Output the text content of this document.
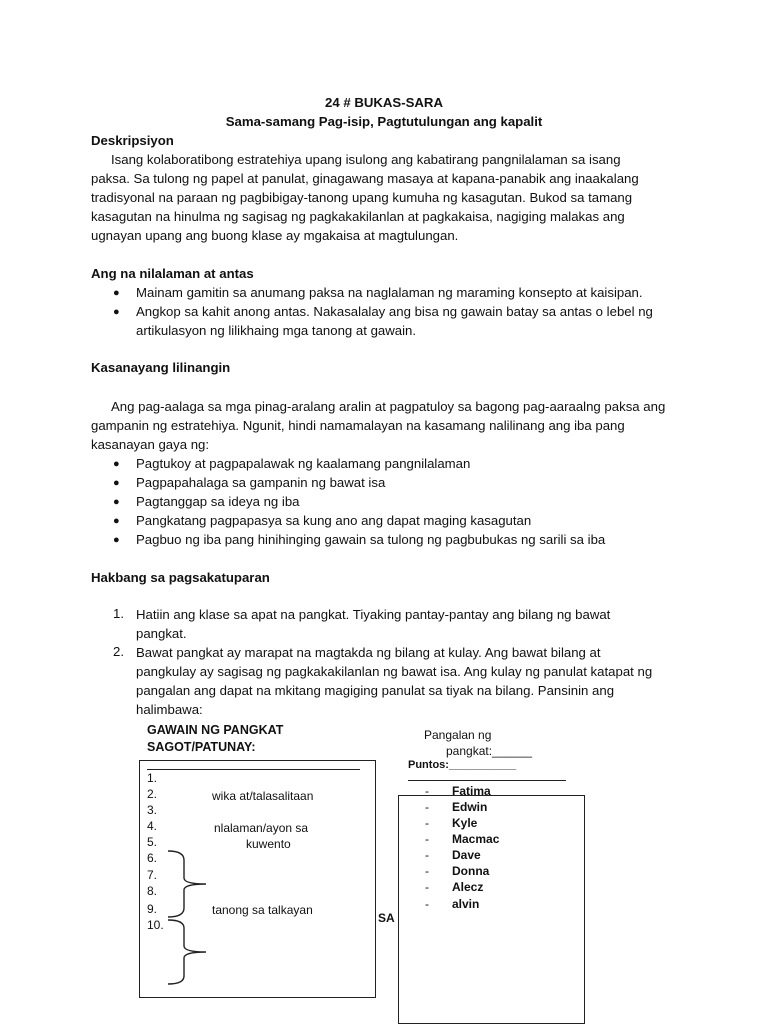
24 # BUKAS-SARA
Sama-samang Pag-isip, Pagtutulungan ang kapalit
Deskripsiyon
Isang kolaboratibong estratehiya upang isulong ang kabatirang pangnilalaman sa isang
paksa. Sa tulong ng papel at panulat, ginagawang masaya at kapana-panabik ang inaakalang
tradisyonal na paraan ng pagbibigay-tanong upang kumuha ng kasagutan. Bukod sa tamang
kasagutan na hinulma ng sagisag ng pagkakakilanlan at pagkakaisa, nagiging malakas ang
ugnayan upang ang buong klase ay mgakaisa at magtulungan.
Ang na nilalaman at antas
● Mainam gamitin sa anumang paksa na naglalaman ng maraming konsepto at kaisipan.
● Angkop sa kahit anong antas. Nakasalalay ang bisa ng gawain batay sa antas o lebel ng
artikulasyon ng lilikhaing mga tanong at gawain.
Kasanayang lilinangin
Ang pag-aalaga sa mga pinag-aralang aralin at pagpatuloy sa bagong pag-aaraalng paksa ang
gampanin ng estratehiya. Ngunit, hindi namamalayan na kasamang nalilinang ang iba pang
kasanayan gaya ng:
● Pagtukoy at pagpapalawak ng kaalamang pangnilalaman
● Pagpapahalaga sa gampanin ng bawat isa
● Pagtanggap sa ideya ng iba
● Pangkatang pagpapasya sa kung ano ang dapat maging kasagutan
● Pagbuo ng iba pang hinihinging gawain sa tulong ng pagbubukas ng sarili sa iba
Hakbang sa pagsakatuparan
1. Hatiin ang klase sa apat na pangkat. Tiyaking pantay-pantay ang bilang ng bawat
pangkat.
2. Bawat pangkat ay marapat na magtakda ng bilang at kulay. Ang bawat bilang at
pangkulay ay sagisag ng pagkakakilanlan ng bawat isa. Ang kulay ng panulat katapat ng
pangalan ang dapat na mkitang magiging panulat sa tiyak na bilang. Pansinin ang
halimbawa:
GAWAIN NG PANGKAT
SAGOT/PATUNAY:
1.
2.
3.
4.
5.
6.
7.
8.
9.
10.
wika at/talasalitaan
nlalaman/ayon sa
kuwento
tanong sa talkayan
SA
Pangalan ng
pangkat:______
Puntos:___________
- Fatima
- Edwin
- Kyle
- Macmac
- Dave
- Donna
- Alecz
- alvin
